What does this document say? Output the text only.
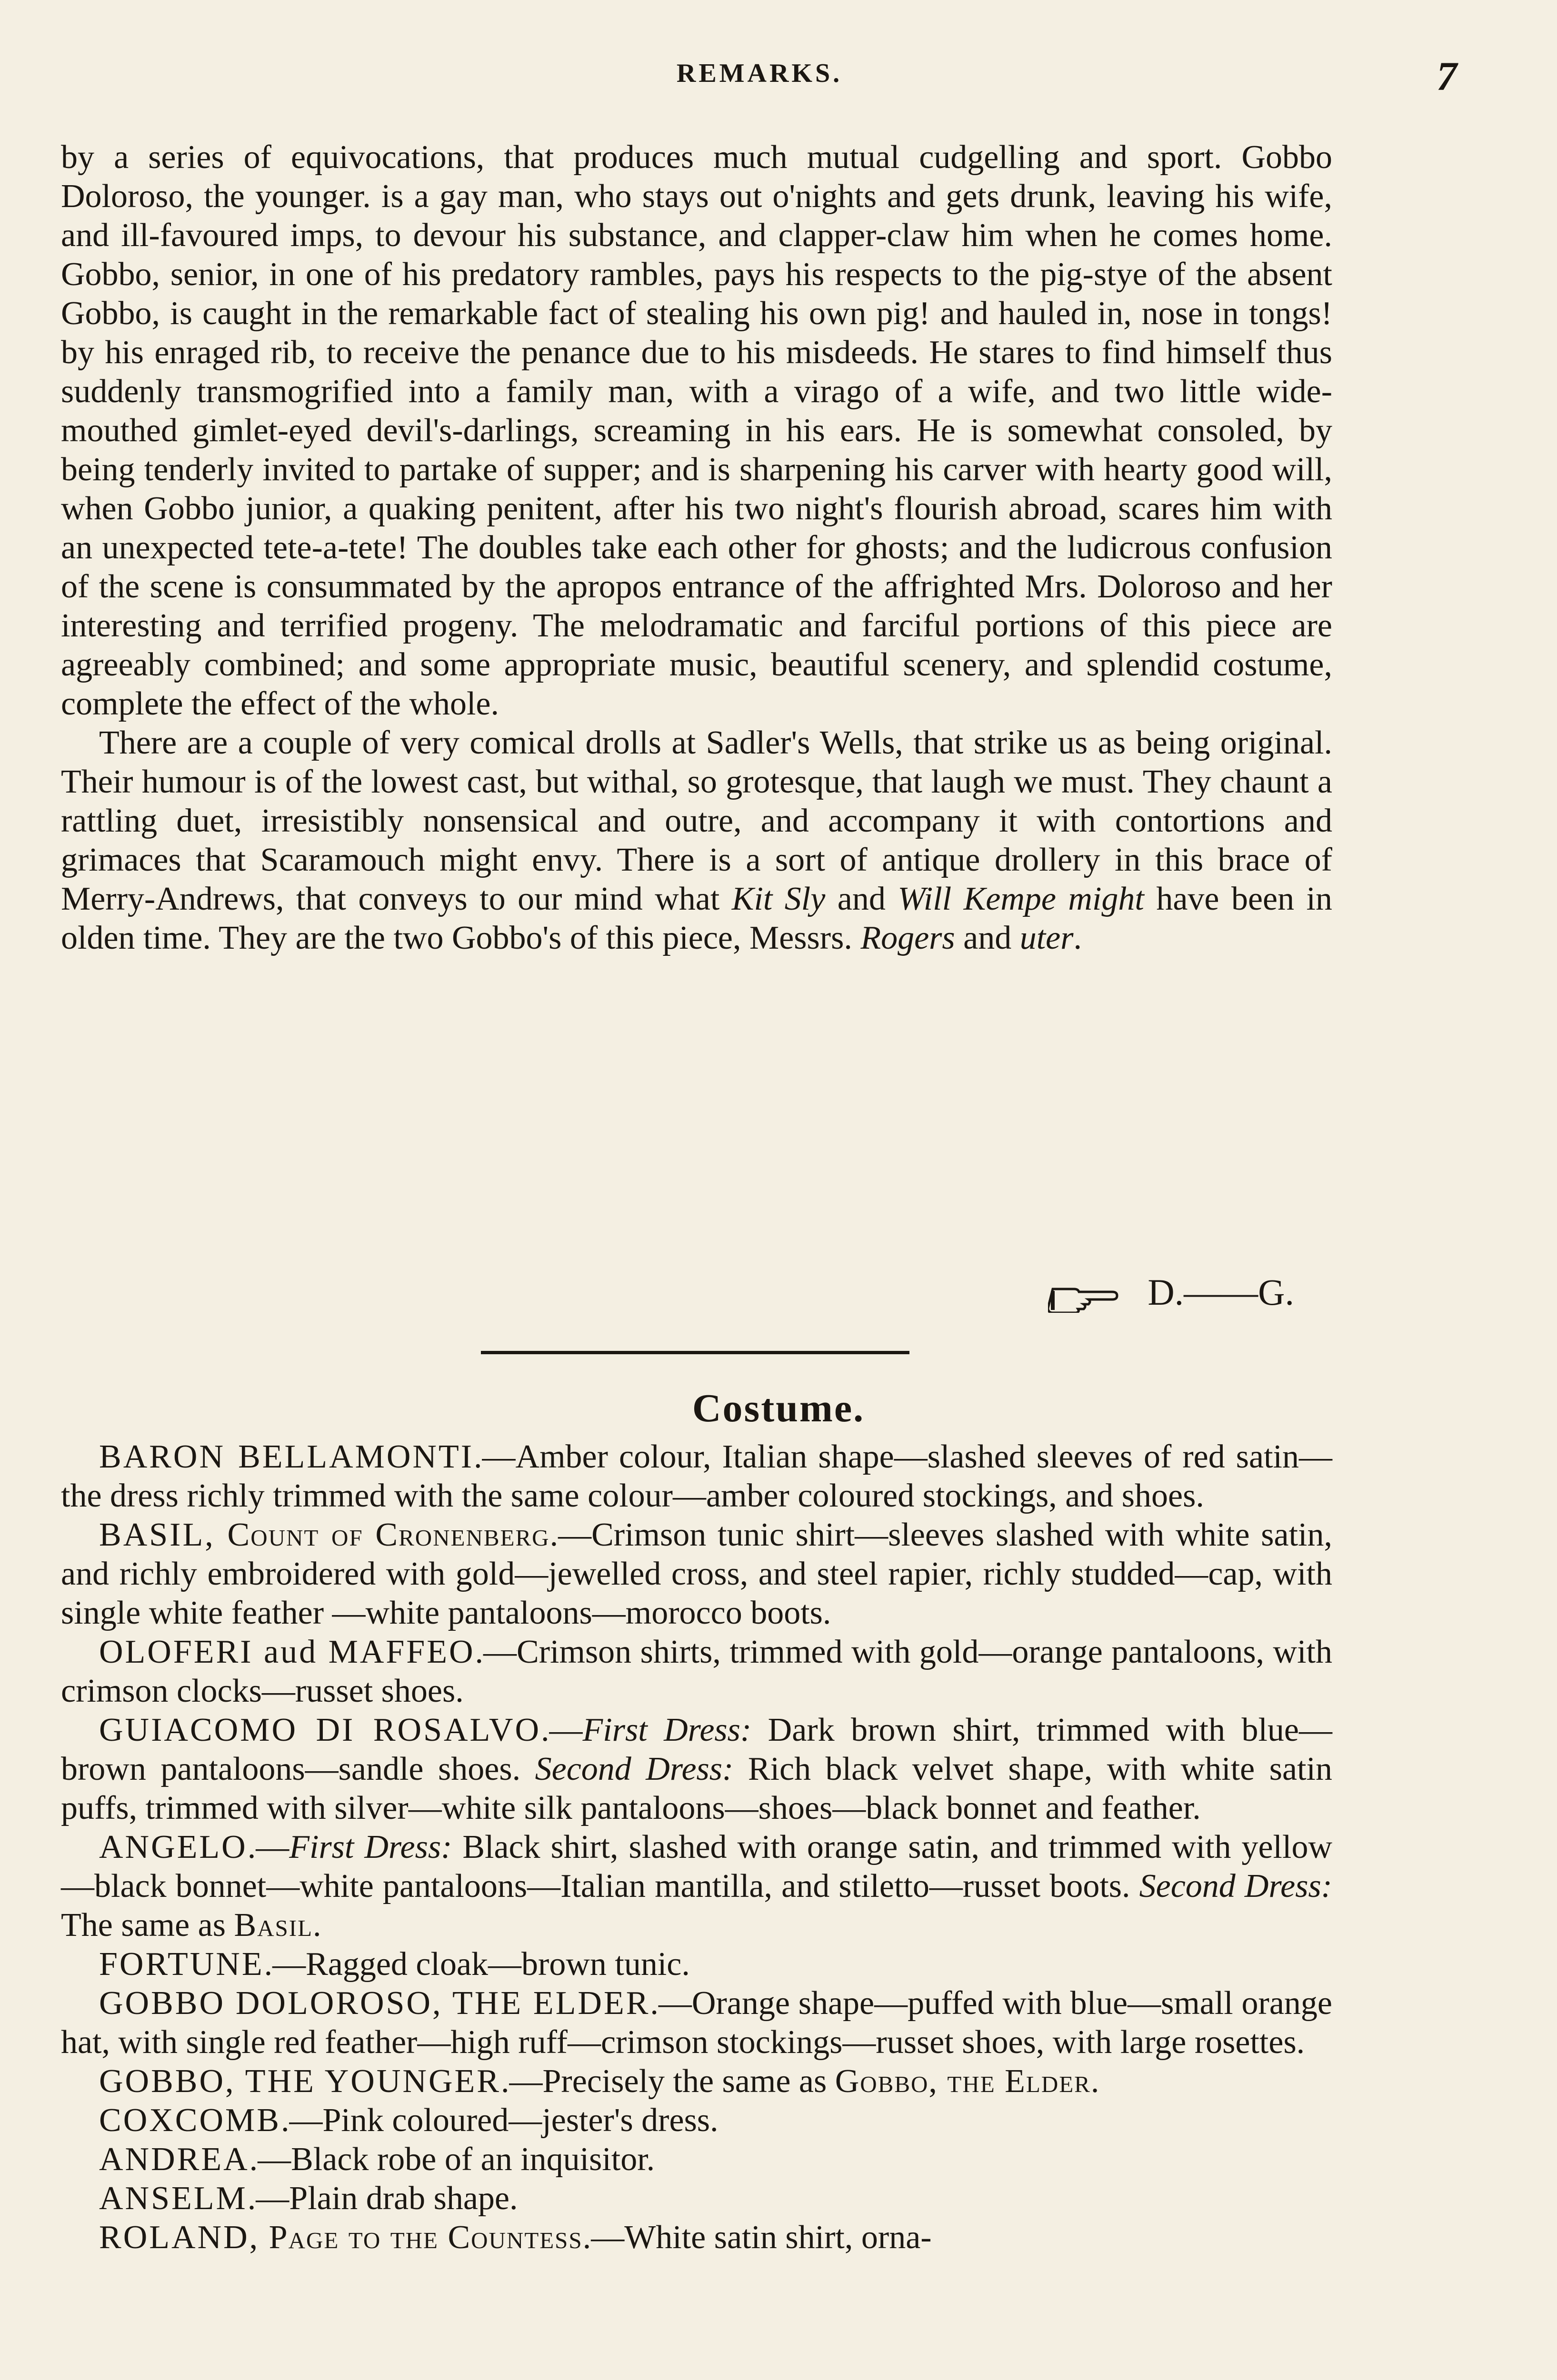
REMARKS.	7

by a series of equivocations, that produces much mutual cudgelling and sport. Gobbo Doloroso, the younger. is a gay man, who stays out o'nights and gets drunk, leaving his wife, and ill-favoured imps, to devour his substance, and clapper-claw him when he comes home. Gobbo, senior, in one of his predatory rambles, pays his respects to the pig-stye of the absent Gobbo, is caught in the remarkable fact of stealing his own pig! and hauled in, nose in tongs! by his enraged rib, to receive the penance due to his misdeeds. He stares to find himself thus suddenly transmogrified into a family man, with a virago of a wife, and two little wide-mouthed gimlet-eyed devil's-darlings, screaming in his ears. He is somewhat consoled, by being tenderly invited to partake of supper; and is sharpening his carver with hearty good will, when Gobbo junior, a quaking penitent, after his two night's flourish abroad, scares him with an unexpected tete-a-tete! The doubles take each other for ghosts; and the ludicrous confusion of the scene is consummated by the apropos entrance of the affrighted Mrs. Doloroso and her interesting and terrified progeny. The melodramatic and farciful portions of this piece are agreeably combined; and some appropriate music, beautiful scenery, and splendid costume, complete the effect of the whole.

There are a couple of very comical drolls at Sadler's Wells, that strike us as being original. Their humour is of the lowest cast, but withal, so grotesque, that laugh we must. They chaunt a rattling duet, irresistibly nonsensical and outre, and accompany it with contortions and grimaces that Scaramouch might envy. There is a sort of antique drollery in this brace of Merry-Andrews, that conveys to our mind what Kit Sly and Will Kempe might have been in olden time. They are the two Gobbo's of this piece, Messrs. Rogers and uter.

D.——G.
Costume.

BARON BELLAMONTI.—Amber colour, Italian shape—slashed sleeves of red satin—the dress richly trimmed with the same colour—amber coloured stockings, and shoes.

BASIL, Count of Cronenberg.—Crimson tunic shirt—sleeves slashed with white satin, and richly embroidered with gold—jewelled cross, and steel rapier, richly studded—cap, with single white feather —white pantaloons—morocco boots.

OLOFERI aud MAFFEO.—Crimson shirts, trimmed with gold—orange pantaloons, with crimson clocks—russet shoes.

GUIACOMO DI ROSALVO.—First Dress: Dark brown shirt, trimmed with blue—brown pantaloons—sandle shoes. Second Dress: Rich black velvet shape, with white satin puffs, trimmed with silver—white silk pantaloons—shoes—black bonnet and feather.

ANGELO.—First Dress: Black shirt, slashed with orange satin, and trimmed with yellow—black bonnet—white pantaloons—Italian mantilla, and stiletto—russet boots. Second Dress: The same as Basil.

FORTUNE.—Ragged cloak—brown tunic.

GOBBO DOLOROSO, THE ELDER.—Orange shape—puffed with blue—small orange hat, with single red feather—high ruff—crimson stockings—russet shoes, with large rosettes.

GOBBO, THE YOUNGER.—Precisely the same as Gobbo, the Elder.

COXCOMB.—Pink coloured—jester's dress.

ANDREA.—Black robe of an inquisitor.

ANSELM.—Plain drab shape.

ROLAND, Page to the Countess.—White satin shirt, orna-
